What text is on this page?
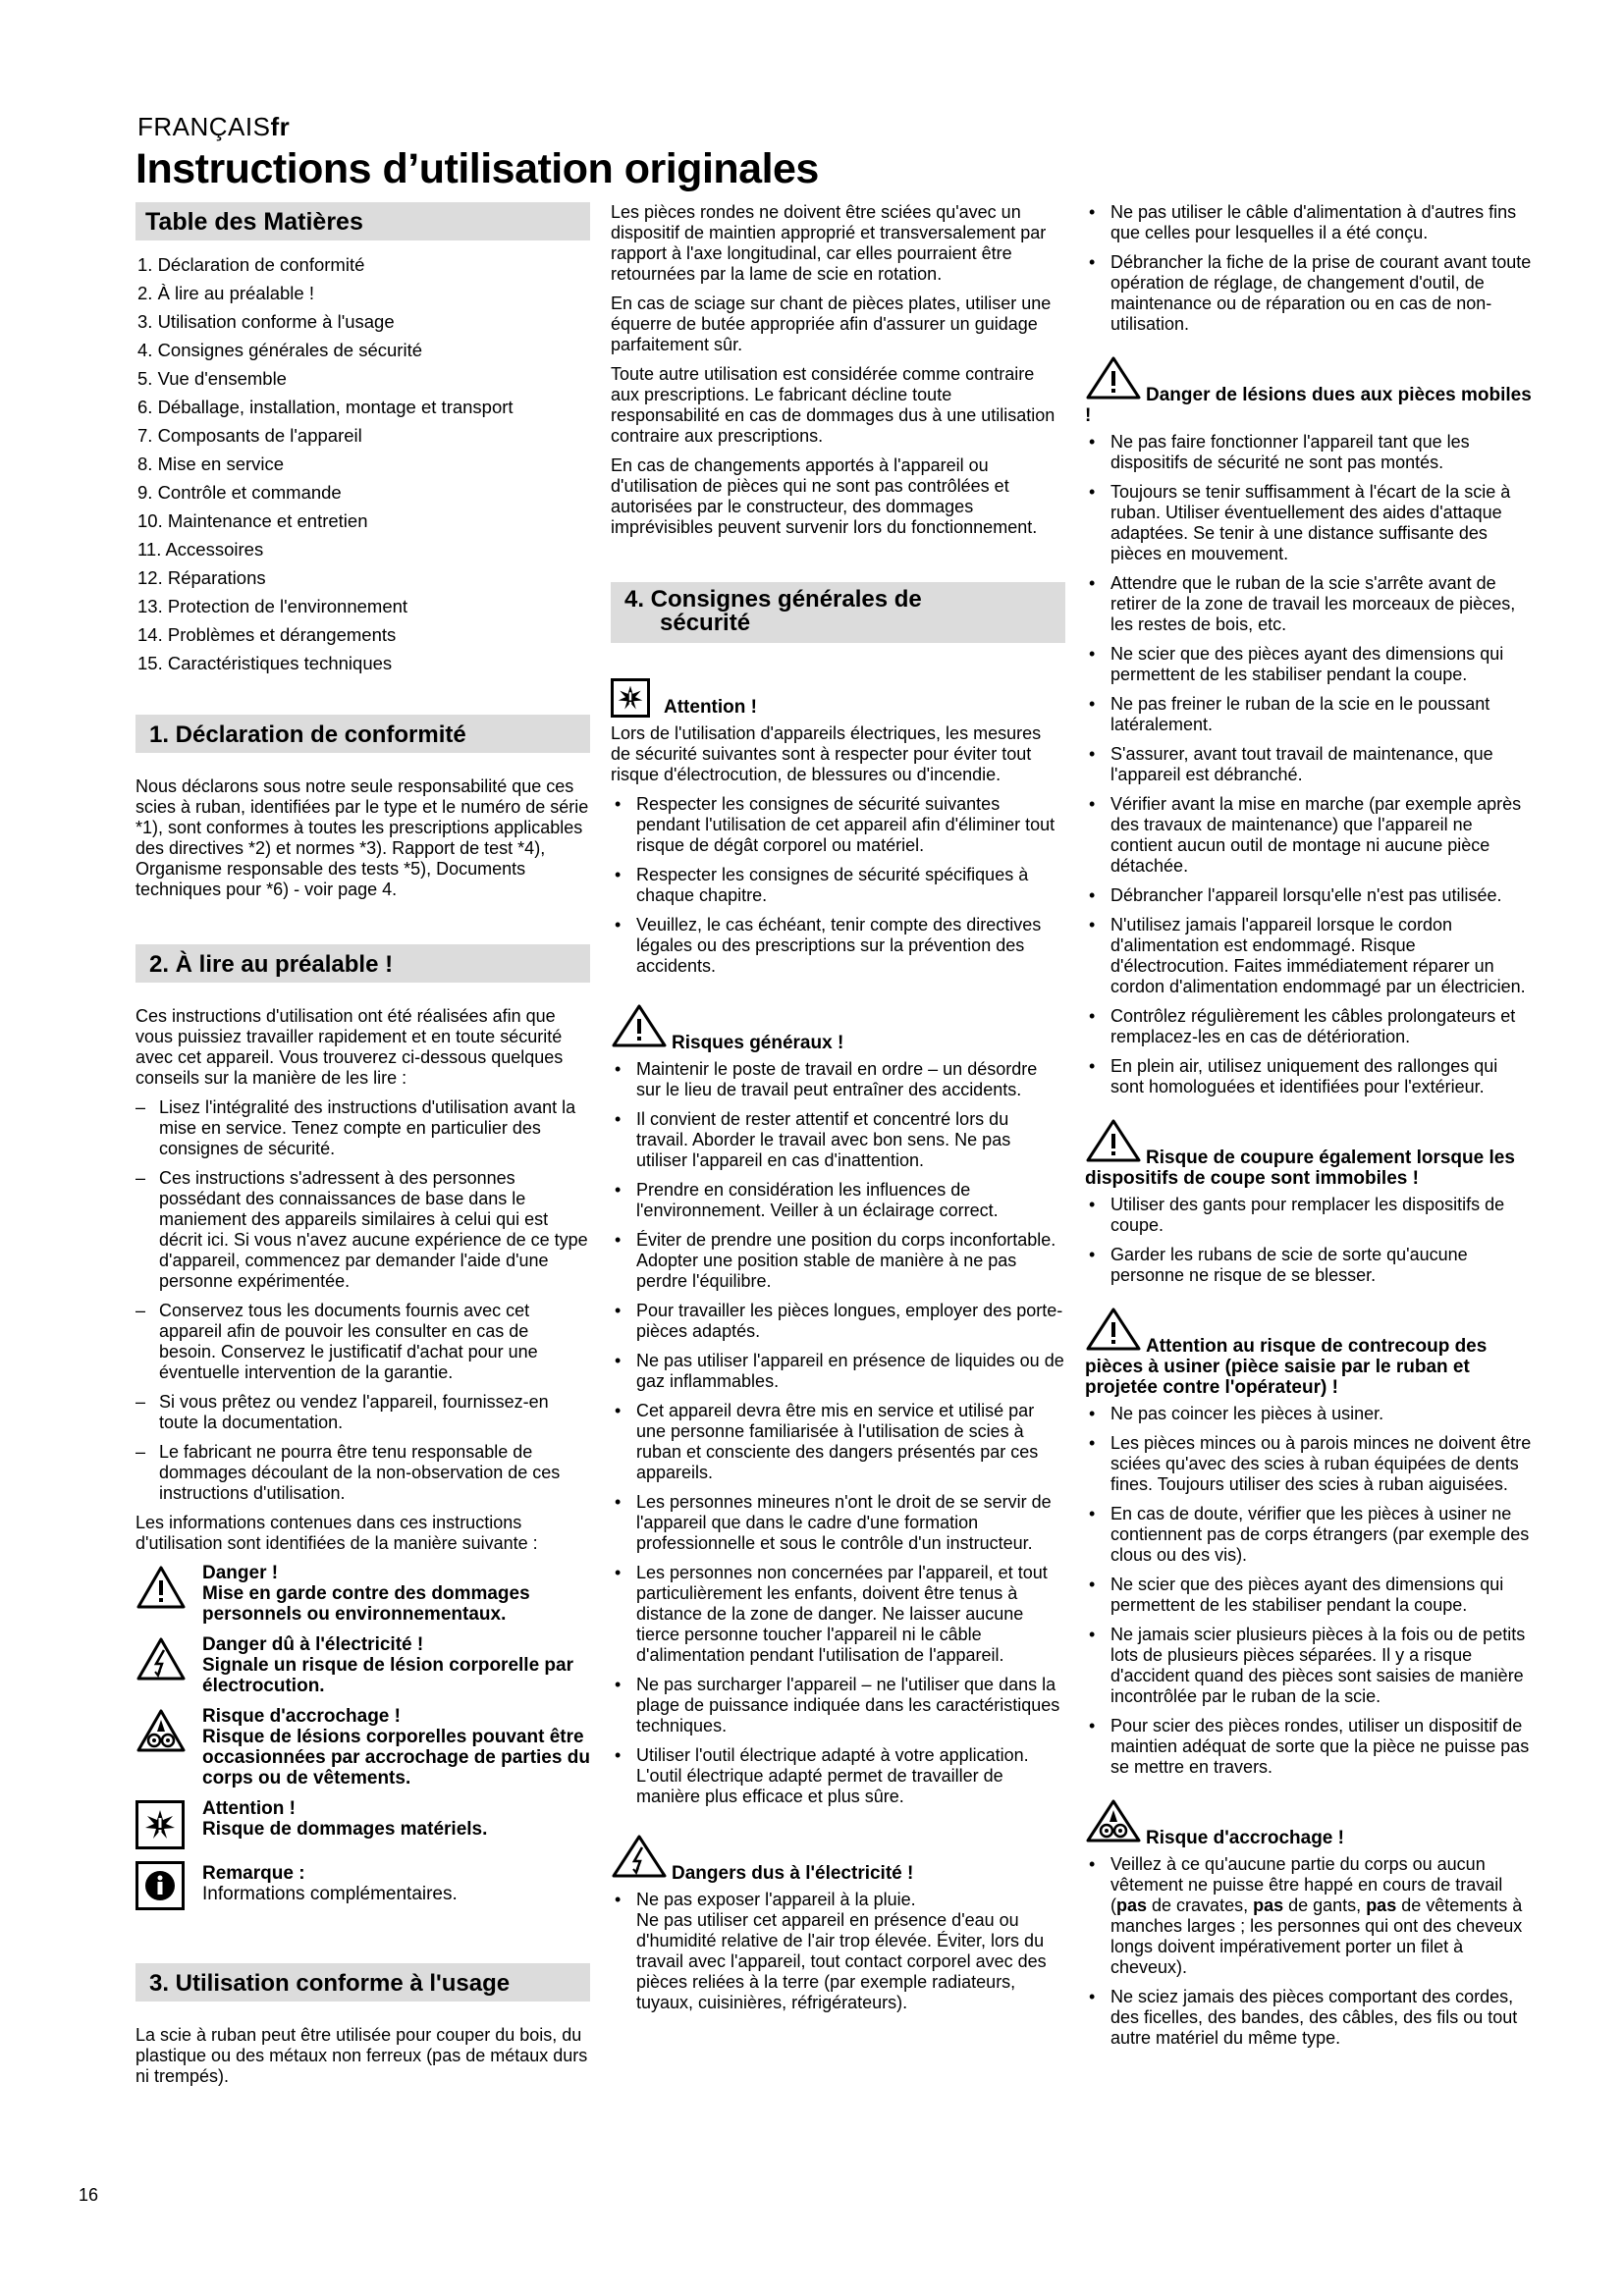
FRANÇAISfr
Instructions d’utilisation originales
Table des Matières
1. Déclaration de conformité
2. À lire au préalable !
3. Utilisation conforme à l'usage
4. Consignes générales de sécurité
5. Vue d'ensemble
6. Déballage, installation, montage et transport
7. Composants de l'appareil
8. Mise en service
9. Contrôle et commande
10. Maintenance et entretien
11. Accessoires
12. Réparations
13. Protection de l'environnement
14. Problèmes et dérangements
15. Caractéristiques techniques
1. Déclaration de conformité

Nous déclarons sous notre seule responsabilité que ces scies à ruban, identifiées par le type et le numéro de série *1), sont conformes à toutes les prescriptions applicables des directives *2) et normes *3). Rapport de test *4), Organisme responsable des tests *5), Documents techniques pour *6) - voir page 4.

2. À lire au préalable !

Ces instructions d'utilisation ont été réalisées afin que vous puissiez travailler rapidement et en toute sécurité avec cet appareil. Vous trouverez ci-dessous quelques conseils sur la manière de les lire :

– Lisez l'intégralité des instructions d'utilisation avant la mise en service. Tenez compte en particulier des consignes de sécurité.
– Ces instructions s'adressent à des personnes possédant des connaissances de base dans le maniement des appareils similaires à celui qui est décrit ici. Si vous n'avez aucune expérience de ce type d'appareil, commencez par demander l'aide d'une personne expérimentée.
– Conservez tous les documents fournis avec cet appareil afin de pouvoir les consulter en cas de besoin. Conservez le justificatif d'achat pour une éventuelle intervention de la garantie.
– Si vous prêtez ou vendez l'appareil, fournissez-en toute la documentation.
– Le fabricant ne pourra être tenu responsable de dommages découlant de la non-observation de ces instructions d'utilisation.

Les informations contenues dans ces instructions d'utilisation sont identifiées de la manière suivante :

Danger !
Mise en garde contre des dommages personnels ou environnementaux.
Danger dû à l'électricité !
Signale un risque de lésion corporelle par électrocution.
Risque d'accrochage !
Risque de lésions corporelles pouvant être occasionnées par accrochage de parties du corps ou de vêtements.
Attention !
Risque de dommages matériels.
Remarque :
Informations complémentaires.
3. Utilisation conforme à l'usage

La scie à ruban peut être utilisée pour couper du bois, du plastique ou des métaux non ferreux (pas de métaux durs ni trempés).

Les pièces rondes ne doivent être sciées qu'avec un dispositif de maintien approprié et transversalement par rapport à l'axe longitudinal, car elles pourraient être retournées par la lame de scie en rotation.

En cas de sciage sur chant de pièces plates, utiliser une équerre de butée appropriée afin d'assurer un guidage parfaitement sûr.

Toute autre utilisation est considérée comme contraire aux prescriptions. Le fabricant décline toute responsabilité en cas de dommages dus à une utilisation contraire aux prescriptions.

En cas de changements apportés à l'appareil ou d'utilisation de pièces qui ne sont pas contrôlées et autorisées par le constructeur, des dommages imprévisibles peuvent survenir lors du fonctionnement.

4. Consignes générales de
sécurité
Attention !

Lors de l'utilisation d'appareils électriques, les mesures de sécurité suivantes sont à respecter pour éviter tout risque d'électrocution, de blessures ou d'incendie.

• Respecter les consignes de sécurité suivantes pendant l'utilisation de cet appareil afin d'éliminer tout risque de dégât corporel ou matériel.
• Respecter les consignes de sécurité spécifiques à chaque chapitre.
• Veuillez, le cas échéant, tenir compte des directives légales ou des prescriptions sur la prévention des accidents.
Risques généraux !
• Maintenir le poste de travail en ordre – un désordre sur le lieu de travail peut entraîner des accidents.
• Il convient de rester attentif et concentré lors du travail. Aborder le travail avec bon sens. Ne pas utiliser l'appareil en cas d'inattention.
• Prendre en considération les influences de l'environnement. Veiller à un éclairage correct.
• Éviter de prendre une position du corps inconfortable. Adopter une position stable de manière à ne pas perdre l'équilibre.
• Pour travailler les pièces longues, employer des porte-pièces adaptés.
• Ne pas utiliser l'appareil en présence de liquides ou de gaz inflammables.
• Cet appareil devra être mis en service et utilisé par une personne familiarisée à l'utilisation de scies à ruban et consciente des dangers présentés par ces appareils.
• Les personnes mineures n'ont le droit de se servir de l'appareil que dans le cadre d'une formation professionnelle et sous le contrôle d'un instructeur.
• Les personnes non concernées par l'appareil, et tout particulièrement les enfants, doivent être tenus à distance de la zone de danger. Ne laisser aucune tierce personne toucher l'appareil ni le câble d'alimentation pendant l'utilisation de l'appareil.
• Ne pas surcharger l'appareil – ne l'utiliser que dans la plage de puissance indiquée dans les caractéristiques techniques.
• Utiliser l'outil électrique adapté à votre application. L'outil électrique adapté permet de travailler de manière plus efficace et plus sûre.
Dangers dus à l'électricité !
• Ne pas exposer l'appareil à la pluie.

Ne pas utiliser cet appareil en présence d'eau ou d'humidité relative de l'air trop élevée. Éviter, lors du travail avec l'appareil, tout contact corporel avec des pièces reliées à la terre (par exemple radiateurs, tuyaux, cuisinières, réfrigérateurs).

• Ne pas utiliser le câble d'alimentation à d'autres fins que celles pour lesquelles il a été conçu.
• Débrancher la fiche de la prise de courant avant toute opération de réglage, de changement d'outil, de maintenance ou de réparation ou en cas de non-utilisation.
Danger de lésions dues aux pièces mobiles !
• Ne pas faire fonctionner l'appareil tant que les dispositifs de sécurité ne sont pas montés.
• Toujours se tenir suffisamment à l'écart de la scie à ruban. Utiliser éventuellement des aides d'attaque adaptées. Se tenir à une distance suffisante des pièces en mouvement.
• Attendre que le ruban de la scie s'arrête avant de retirer de la zone de travail les morceaux de pièces, les restes de bois, etc.
• Ne scier que des pièces ayant des dimensions qui permettent de les stabiliser pendant la coupe.
• Ne pas freiner le ruban de la scie en le poussant latéralement.
• S'assurer, avant tout travail de maintenance, que l'appareil est débranché.
• Vérifier avant la mise en marche (par exemple après des travaux de maintenance) que l'appareil ne contient aucun outil de montage ni aucune pièce détachée.
• Débrancher l'appareil lorsqu'elle n'est pas utilisée.
• N'utilisez jamais l'appareil lorsque le cordon d'alimentation est endommagé. Risque d'électrocution. Faites immédiatement réparer un cordon d'alimentation endommagé par un électricien.
• Contrôlez régulièrement les câbles prolongateurs et remplacez-les en cas de détérioration.
• En plein air, utilisez uniquement des rallonges qui sont homologuées et identifiées pour l'extérieur.
Risque de coupure également lorsque les dispositifs de coupe sont immobiles !
• Utiliser des gants pour remplacer les dispositifs de coupe.
• Garder les rubans de scie de sorte qu'aucune personne ne risque de se blesser.
Attention au risque de contrecoup des pièces à usiner (pièce saisie par le ruban et projetée contre l'opérateur) !
• Ne pas coincer les pièces à usiner.
• Les pièces minces ou à parois minces ne doivent être sciées qu'avec des scies à ruban équipées de dents fines. Toujours utiliser des scies à ruban aiguisées.
• En cas de doute, vérifier que les pièces à usiner ne contiennent pas de corps étrangers (par exemple des clous ou des vis).
• Ne scier que des pièces ayant des dimensions qui permettent de les stabiliser pendant la coupe.
• Ne jamais scier plusieurs pièces à la fois ou de petits lots de plusieurs pièces séparées. Il y a risque d'accident quand des pièces sont saisies de manière incontrôlée par le ruban de la scie.
• Pour scier des pièces rondes, utiliser un dispositif de maintien adéquat de sorte que la pièce ne puisse pas se mettre en travers.
Risque d'accrochage !
• Veillez à ce qu'aucune partie du corps ou aucun vêtement ne puisse être happé en cours de travail (pas de cravates, pas de gants, pas de vêtements à manches larges ; les personnes qui ont des cheveux longs doivent impérativement porter un filet à cheveux).
• Ne sciez jamais des pièces comportant des cordes, des ficelles, des bandes, des câbles, des fils ou tout autre matériel du même type.
16
